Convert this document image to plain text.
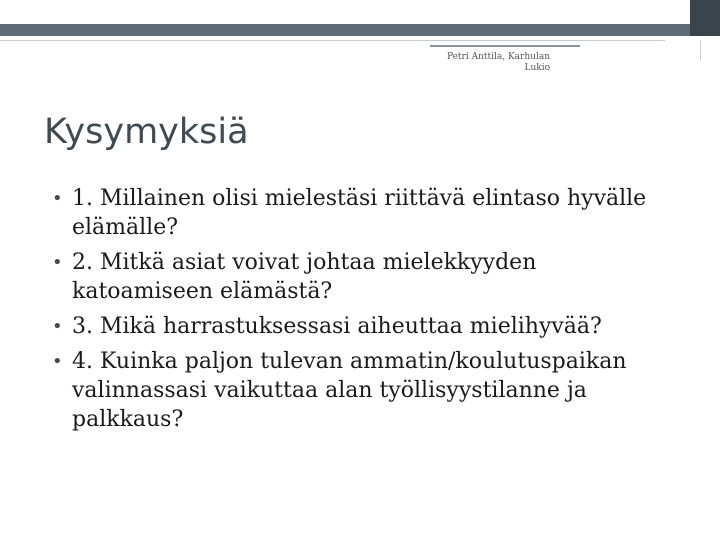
Petri Anttila, Karhulan
Lukio
Kysymyksiä
• 1. Millainen olisi mielestäsi riittävä elintaso hyvälle elämälle?
• 2. Mitkä asiat voivat johtaa mielekkyyden katoamiseen elämästä?
• 3. Mikä harrastuksessasi aiheuttaa mielihyvää?
• 4. Kuinka paljon tulevan ammatin/koulutuspaikan valinnassasi vaikuttaa alan työllisyystilanne ja palkkaus?
